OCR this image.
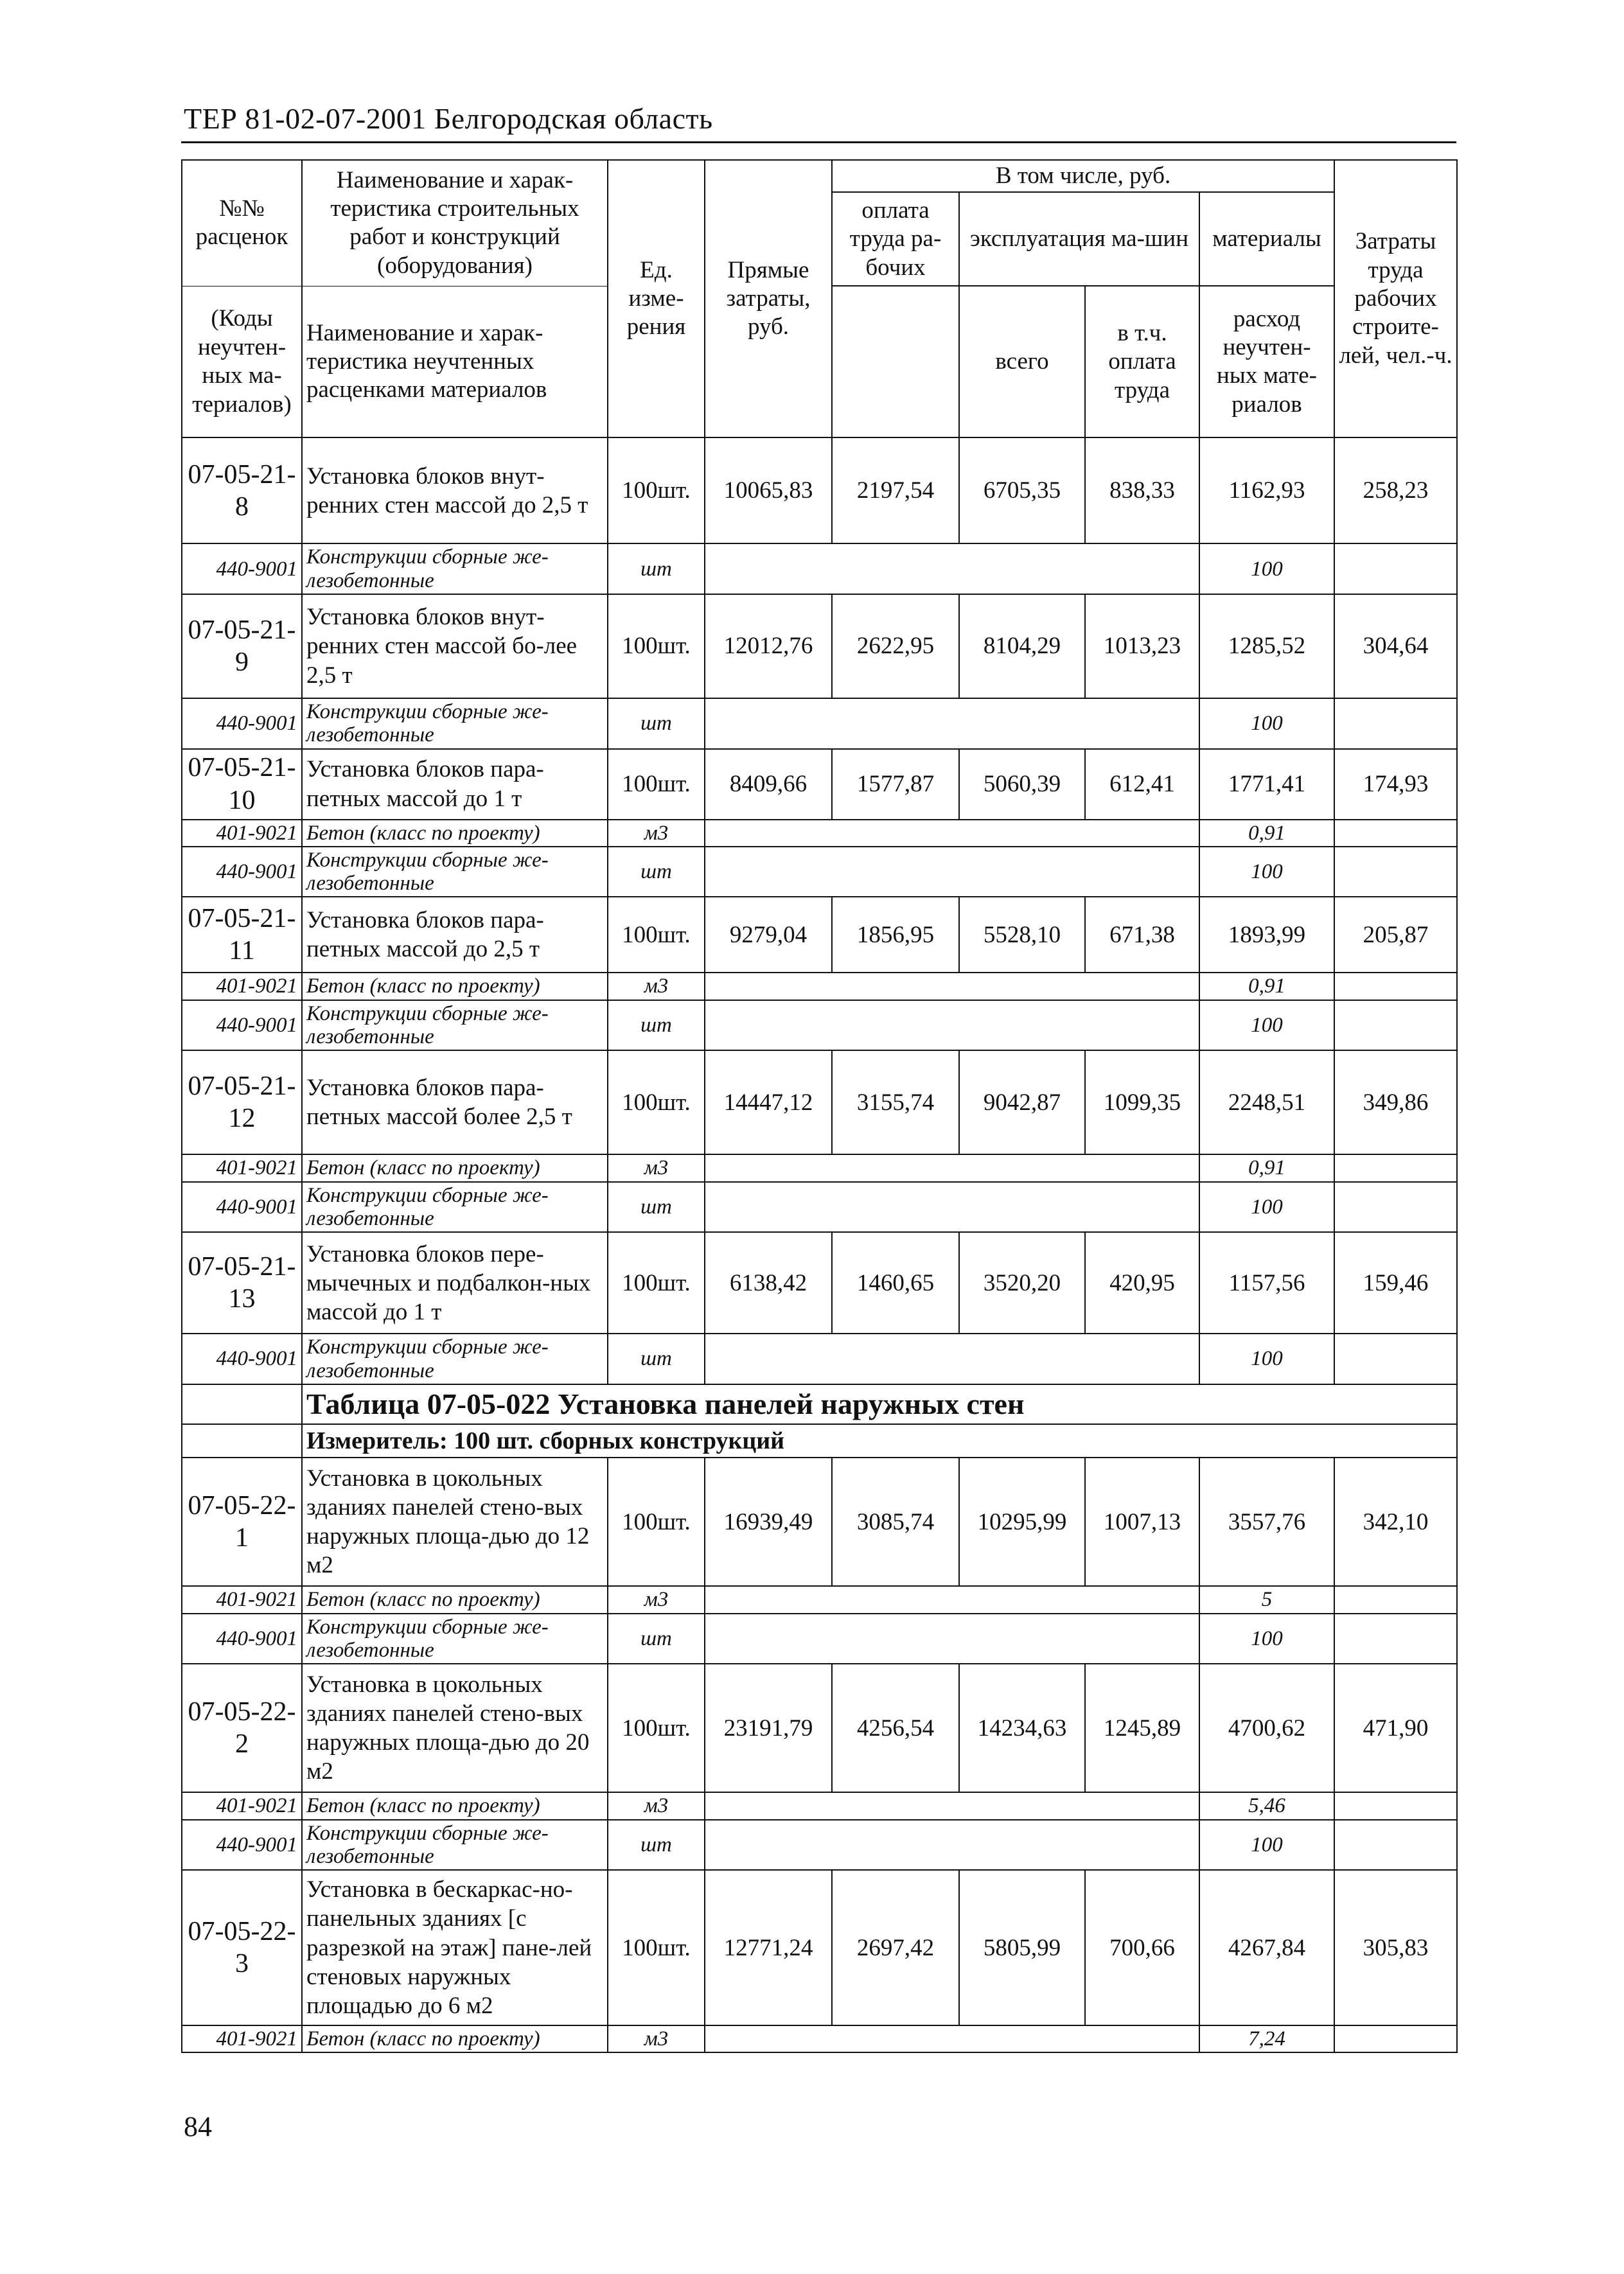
ТЕР 81-02-07-2001 Белгородская область
№№ расценок	Наименование и харак-теристика строительных работ и конструкций (оборудования)	Ед. изме-рения	Прямые затраты, руб.	В том числе, руб.				Затраты труда рабочих строите-лей, чел.-ч.
				оплата труда ра-бочих	эксплуатация ма-шин		материалы	

(Коды неучтен-ных ма-териалов)	Наименование и харак-теристика неучтенных расценками материалов				всего	в т.ч. оплата труда	расход неучтен-ных мате-риалов	

07-05-21-8	Установка блоков внут-ренних стен массой до 2,5 т	100шт.	10065,83	2197,54	6705,35	838,33	1162,93	258,23
440-9001	Конструкции сборные же-лезобетонные	шт					100	
07-05-21-9	Установка блоков внут-ренних стен массой бо-лее 2,5 т	100шт.	12012,76	2622,95	8104,29	1013,23	1285,52	304,64
440-9001	Конструкции сборные же-лезобетонные	шт					100	
07-05-21-10	Установка блоков пара-петных массой до 1 т	100шт.	8409,66	1577,87	5060,39	612,41	1771,41	174,93
401-9021	Бетон (класс по проекту)	м3					0,91	
440-9001	Конструкции сборные же-лезобетонные	шт					100	
07-05-21-11	Установка блоков пара-петных массой до 2,5 т	100шт.	9279,04	1856,95	5528,10	671,38	1893,99	205,87
401-9021	Бетон (класс по проекту)	м3					0,91	
440-9001	Конструкции сборные же-лезобетонные	шт					100	
07-05-21-12	Установка блоков пара-петных массой более 2,5 т	100шт.	14447,12	3155,74	9042,87	1099,35	2248,51	349,86
401-9021	Бетон (класс по проекту)	м3					0,91	
440-9001	Конструкции сборные же-лезобетонные	шт					100	
07-05-21-13	Установка блоков пере-мычечных и подбалкон-ных массой до 1 т	100шт.	6138,42	1460,65	3520,20	420,95	1157,56	159,46
440-9001	Конструкции сборные же-лезобетонные	шт					100	
	Таблица 07-05-022 Установка панелей наружных стен							
	Измеритель: 100 шт. сборных конструкций							
07-05-22-1	Установка в цокольных зданиях панелей стено-вых наружных площа-дью до 12 м2	100шт.	16939,49	3085,74	10295,99	1007,13	3557,76	342,10
401-9021	Бетон (класс по проекту)	м3					5	
440-9001	Конструкции сборные же-лезобетонные	шт					100	
07-05-22-2	Установка в цокольных зданиях панелей стено-вых наружных площа-дью до 20 м2	100шт.	23191,79	4256,54	14234,63	1245,89	4700,62	471,90
401-9021	Бетон (класс по проекту)	м3					5,46	
440-9001	Конструкции сборные же-лезобетонные	шт					100	
07-05-22-3	Установка в бескаркас-но-панельных зданиях [с разрезкой на этаж] пане-лей стеновых наружных площадью до 6 м2	100шт.	12771,24	2697,42	5805,99	700,66	4267,84	305,83
401-9021	Бетон (класс по проекту)	м3					7,24	
84
